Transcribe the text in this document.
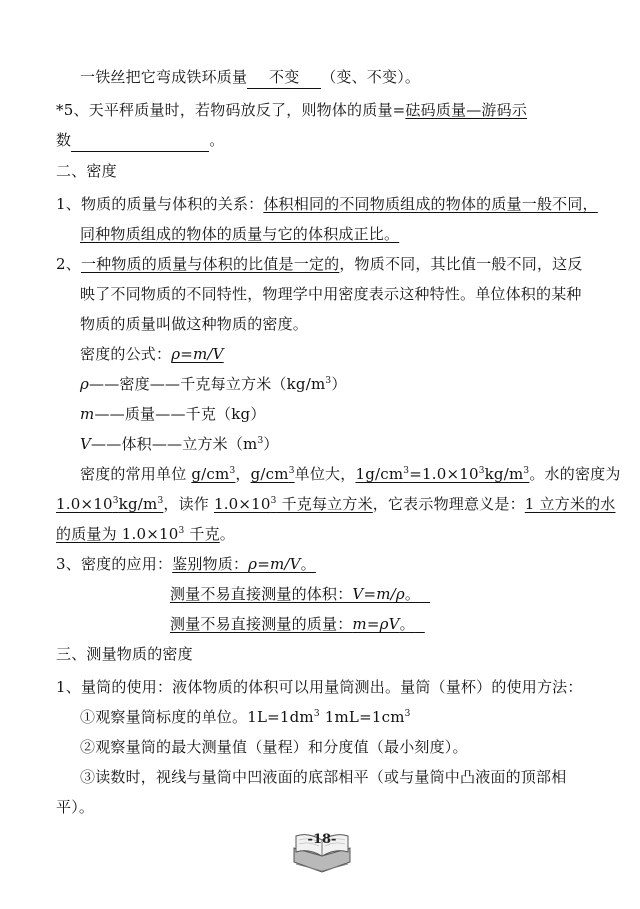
一铁丝把它弯成铁环质量 不变 （变、不变）。
*5、天平秤质量时，若物码放反了，则物体的质量=砝码质量—游码示
数	。
二、密度
1、物质的质量与体积的关系：体积相同的不同物质组成的物体的质量一般不同，
同种物质组成的物体的质量与它的体积成正比。
2、一种物质的质量与体积的比值是一定的，物质不同，其比值一般不同，这反
映了不同物质的不同特性，物理学中用密度表示这种特性。单位体积的某种
物质的质量叫做这种物质的密度。
密度的公式：ρ=m/V
ρ——密度——千克每立方米$(kg/m^3)$
m——质量——千克（kg）
V——体积——立方米$(m^3)$
密度的常用单位 $g/cm^3$，$g/cm^3$单位大，$1g/cm^3=1.0\times 10^3kg/m^3$。水的密度为
$1.0\times 10^3kg/m^3$，读作 $1.0\times 10^3$ 千克每立方米，它表示物理意义是：1 立方米的水
的质量为 $1.0\times 10^3$ 千克。
3、密度的应用：鉴别物质：ρ=m/V。
测量不易直接测量的体积：V=m/ρ。
测量不易直接测量的质量：m=ρV。
三、测量物质的密度
1、量筒的使用：液体物质的体积可以用量筒测出。量筒（量杯）的使用方法：
①观察量筒标度的单位。$1L=1dm^3$ $1mL=1cm^3$
②观察量筒的最大测量值（量程）和分度值（最小刻度）。
③读数时，视线与量筒中凹液面的底部相平（或与量筒中凸液面的顶部相
平）。
-18-
